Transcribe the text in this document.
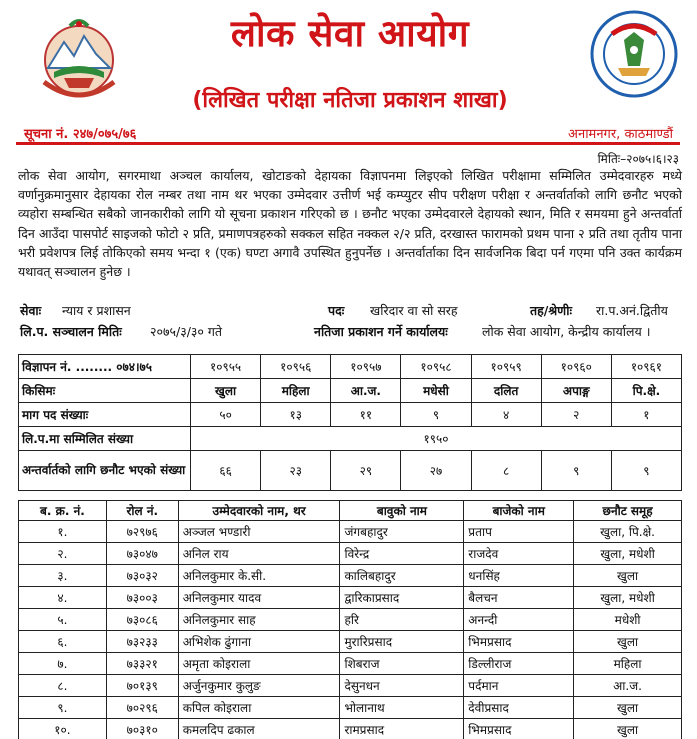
लोक सेवा आयोग
(लिखित परीक्षा नतिजा प्रकाशन शाखा)
सूचना नं. २४७/०७५/७६	अनामनगर, काठमाण्डौं
मितिः–२०७५।६।२३
लोक सेवा आयोग, सगरमाथा अञ्चल कार्यालय, खोटाङको देहायका विज्ञापनमा लिइएको लिखित परीक्षामा सम्मिलित उम्मेदवारहरु मध्ये वर्णानुक्रमानुसार देहायका रोल नम्बर तथा नाम थर भएका उम्मेदवार उत्तीर्ण भई कम्प्युटर सीप परीक्षण परीक्षा र अन्तर्वार्ताको लागि छनौट भएको व्यहोरा सम्बन्धित सबैको जानकारीको लागि यो सूचना प्रकाशन गरिएको छ । छनौट भएका उम्मेदवारले देहायको स्थान, मिति र समयमा हुने अन्तर्वार्ता दिन आउँदा पासपोर्ट साइजको फोटो २ प्रति, प्रमाणपत्रहरुको सक्कल सहित नक्कल २/२ प्रति, दरखास्त फारामको प्रथम पाना २ प्रति तथा तृतीय पाना भरी प्रवेशपत्र लिई तोकिएको समय भन्दा १ (एक) घण्टा अगावै उपस्थित हुनुपर्नेछ । अन्तर्वार्ताका दिन सार्वजनिक बिदा पर्न गएमा पनि उक्त कार्यक्रम यथावत् सञ्चालन हुनेछ ।
सेवाः न्याय र प्रशासन	पदः खरिदार वा सो सरह	तह/श्रेणीः रा.प.अनं.द्वितीय
लि.प. सञ्चालन मितिः २०७५/३/३० गते	नतिजा प्रकाशन गर्ने कार्यालयः	लोक सेवा आयोग, केन्द्रीय कार्यालय ।
विज्ञापन नं. ........ ०७४।७५	१०९५५	१०९५६	१०९५७	१०९५८	१०९५९	१०९६०	१०९६१
किसिमः	खुला	महिला	आ.ज.	मधेसी	दलित	अपाङ्ग	पि.क्षे.
माग पद संख्याः	५०	१३	११	९	४	२	१
लि.प.मा सम्मिलित संख्या	१९५०						
अन्तर्वार्तको लागि छनौट भएको संख्या	६६	२३	२९	२७	८	९	९
ब. क्र. नं.	रोल नं.	उम्मेदवारको नाम, थर	बावुको नाम	बाजेको नाम	छनौट समूह
१.	७२९७६	अञ्जल भण्डारी	जंगबहादुर	प्रताप	खुला, पि.क्षे.
२.	७३०४७	अनिल राय	विरेन्द्र	राजदेव	खुला, मधेशी
३.	७३०३२	अनिलकुमार के.सी.	कालिबहादुर	धनसिंह	खुला
४.	७३००३	अनिलकुमार यादव	द्वारिकाप्रसाद	बैलचन	खुला, मधेशी
५.	७३०८६	अनिलकुमार साह	हरि	अनन्दी	मधेशी
६.	७३२३३	अभिशेक ढुंगाना	मुरारिप्रसाद	भिमप्रसाद	खुला
७.	७३३२१	अमृता कोइराला	शिबराज	डिल्लीराज	महिला
८.	७०१३९	अर्जुनकुमार कुलुङ	देसुनधन	पर्दमान	आ.ज.
९.	७०२९६	कपिल कोइराला	भोलानाथ	देवीप्रसाद	खुला
१०.	७०३१०	कमलदिप ढकाल	रामप्रसाद	भिमप्रसाद	खुला
